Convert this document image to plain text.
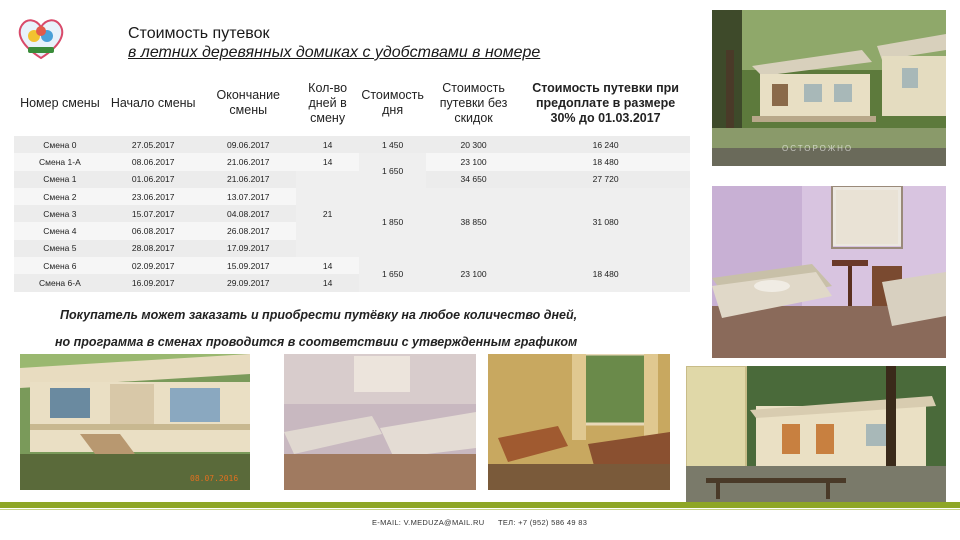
Стоимость путевок
в летних деревянных домиках с удобствами в номере
Номер смены	Начало смены	Окончание смены	Кол-во дней в смену	Стоимость дня	Стоимость путевки без скидок	Стоимость путевки при предоплате в размере 30% до 01.03.2017
Смена 0	27.05.2017	09.06.2017	14	1 450	20 300	16 240
Смена 1-А	08.06.2017	21.06.2017	14	1 650	23 100	18 480
Смена 1	01.06.2017	21.06.2017	21		34 650	27 720
Смена 2	23.06.2017	13.07.2017		1 850	38 850	31 080
Смена 3	15.07.2017	04.08.2017				
Смена 4	06.08.2017	26.08.2017				
Смена 5	28.08.2017	17.09.2017				
Смена 6	02.09.2017	15.09.2017	14	1 650	23 100	18 480
Смена 6-А	16.09.2017	29.09.2017	14			
Покупатель может заказать и приобрести путёвку на любое количество дней,
но программа в сменах проводится в соответствии с утвержденным графиком
ОСТОРОЖНО
08.07.2016
E-MAIL: V.MEDUZA@MAIL.RU ТЕЛ: +7 (952) 586 49 83
